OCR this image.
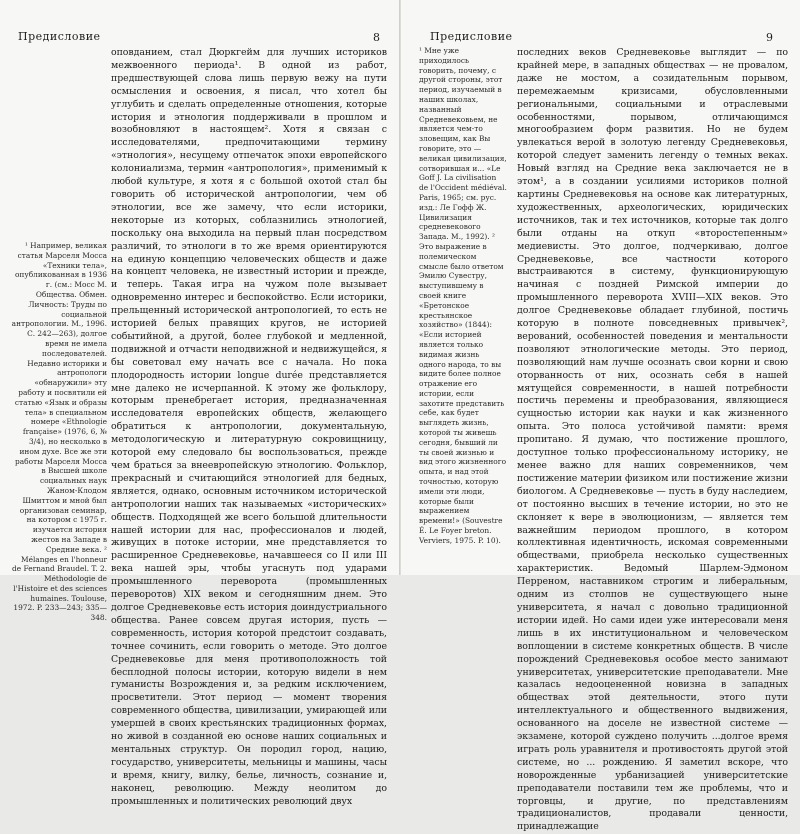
Предисловие	8
¹ Например, великая статья Марселя Мосса «Техники тела», опубликованная в 1936 г. (см.: Мосс М. Общества. Обмен. Личность: Труды по социальной антропологии. М., 1996. С. 242—263), долгое время не имела последователей. Недавно историки и антропологи «обнаружили» эту работу и посвятили ей статью «Язык и образы тела» в специальном номере «Ethnologie française» (1976, 6, № 3/4), но несколько в ином духе. Все же эти работы Марселя Мосса в Высшей школе социальных наук Жаном-Клодом Шмиттом и мной был организован семинар, на котором с 1975 г. изучается история жестов на Западе в Средние века. ² Mélanges en l'honneur de Fernand Braudel. T. 2. Méthodologie de l'Histoire et des sciences humaines. Toulouse, 1972. P. 233—243; 335—348.
оповданием, стал Дюркгейм для лучших историков межвоенного периода¹. В одной из работ, предшествующей слова лишь первую вежу на пути осмысления и освоения, я писал, что хотел бы углубить и сделать определенные отношения, которые история и этнология поддерживали в прошлом и возобновляют в настоящем². Хотя я связан с исследователями, предпочитающими термину «этнология», несущему отпечаток эпохи европейского колониализма, термин «антропология», применимый к любой культуре, я хотя я с большой охотой стал бы говорить об исторической антропологии, чем об этнологии, все же замечу, что если историки, некоторые из которых, соблазнились этнологией, поскольку она выходила на первый план посредством различий, то этнологи в то же время ориентируются на единую концепцию человеческих обществ и даже на концепт человека, не известный истории и прежде, и теперь. Такая игра на чужом поле вызывает одновременно интерес и беспокойство. Если историки, прельщенный исторической антропологией, то есть не историей белых правящих кругов, не историей событийной, а другой, более глубокой и медленной, подвижной и отчасти неподвижной и недвижущейся, я бы советовал ему начать все с начала. Но пока плодородность истории longue durée представляется мне далеко не исчерпанной. К этому же фольклору, которым пренебрегает история, предназначенная исследователя европейских обществ, желающего обратиться к антропологии, документальную, методологическую и литературную сокровищницу, которой ему следовало бы воспользоваться, прежде чем браться за внеевропейскую этнологию. Фольклор, прекрасный и считающийся этнологией для бедных, является, однако, основным источником исторической антропологии наших так называемых «исторических» обществ. Подходящей же всего большой длительности нашей истории для нас, профессионалов и людей, живущих в потоке истории, мне представляется то расширенное Средневековье, начавшееся со II или III века нашей эры, чтобы угаснуть под ударами промышленного переворота (промышленных переворотов) XIX веком и сегодняшним днем. Это долгое Средневековье есть история доиндустриального общества. Ранее совсем другая история, пусть — современность, история которой предстоит создавать, точнее сочинить, если говорить о методе. Это долгое Средневековье для меня противоположность той бесплодной полосы истории, которую видели в нем гуманисты Возрождения и, за редким исключением, просветители. Этот период — момент творения современного общества, цивилизации, умирающей или умершей в своих крестьянских традиционных формах, но живой в созданной ею основе наших социальных и ментальных структур. Он породил город, нацию, государство, университеты, мельницы и машины, часы и время, книгу, вилку, белье, личность, сознание и, наконец, революцию. Между неолитом до промышленных и политических революций двух
Предисловие	9
¹ Мне уже приходилось говорить, почему, с другой стороны, этот период, изучаемый в наших школах, названный Средневековьем, не является чем-то зловещим, как Вы говорите, это — великая цивилизация, сотворившая и... «Le Goff J. La civilisation de l'Occident médiéval. Paris, 1965; см. рус. изд.: Ле Гофф Ж. Цивилизация средневекового Запада. М., 1992). ² Это выражение в полемическом смысле было ответом Эмилю Сувестру, выступившему в своей книге «Бретонское крестьянское хозяйство» (1844): «Если историей является только видимая жизнь одного народа, то вы видите более полное отражение его истории, если захотите представить себе, как будет выглядеть жизнь, которой ты живешь сегодня, бывший ли ты своей жизнью и вид этого жизненного опыта, и над этой точностью, которую имели эти люди, которые были выражением времени!» (Souvestre É. Le Foyer breton. Verviers, 1975. P. 10).
последних веков Средневековье выглядит — по крайней мере, в западных обществах — не провалом, даже не мостом, а созидательным порывом, перемежаемым кризисами, обусловленными региональными, социальными и отраслевыми особенностями, порывом, отличающимся многообразием форм развития. Но не будем увлекаться верой в золотую легенду Средневековья, которой следует заменить легенду о темных веках. Новый взгляд на Средние века заключается не в этом¹, а в создании усилиями историков полной картины Средневековья на основе как литературных, художественных, археологических, юридических источников, так и тех источников, которые так долго были отданы на откуп «второстепенным» медиевисты. Это долгое, подчеркиваю, долгое Средневековье, все частности которого выстраиваются в систему, функционирующую начиная с поздней Римской империи до промышленного переворота XVIII—XIX веков. Это долгое Средневековье обладает глубиной, постичь которую в полноте повседневных привычек², верований, особенностей поведения и ментальности позволяют этнологические методы. Это период, позволяющий нам лучше осознать свои корни и свою оторванность от них, осознать себя в нашей мятущейся современности, в нашей потребности постичь перемены и преобразования, являющиеся сущностью истории как науки и как жизненного опыта. Это полоса устойчивой памяти: время пропитано. Я думаю, что постижение прошлого, доступное только профессиональному историку, не менее важно для наших современников, чем постижение материи физиком или постижение жизни биологом. А Средневековье — пусть в буду наследием, от постоянно высших в течение истории, но это не склоняет к вере в эволюционизм, — является тем важнейшим периодом прошлого, в котором коллективная идентичность, искомая современными обществами, приобрела несколько существенных характеристик. Ведомый Шарлем-Эдмоном Перреном, наставником строгим и либеральным, одним из столпов не существующего ныне университета, я начал с довольно традиционной истории идей. Но сами идеи уже интересовали меня лишь в их институциональном и человеческом воплощении в системе конкретных обществ. В числе порождений Средневековья особое место занимают университетах, университетские преподаватели. Мне казалась недооцененной новизна в западных обществах этой деятельности, этого пути интеллектуального и общественного выдвижения, основанного на доселе не известной системе — экзамене, которой суждено получить ...долгое время играть роль уравнителя и противостоять другой этой системе, но ... рождению. Я заметил вскоре, что новорожденные урбанизацией университетские преподаватели поставили тем же проблемы, что и торговцы, и другие, по представлениям традиционалистов, продавали ценности, принадлежащие
